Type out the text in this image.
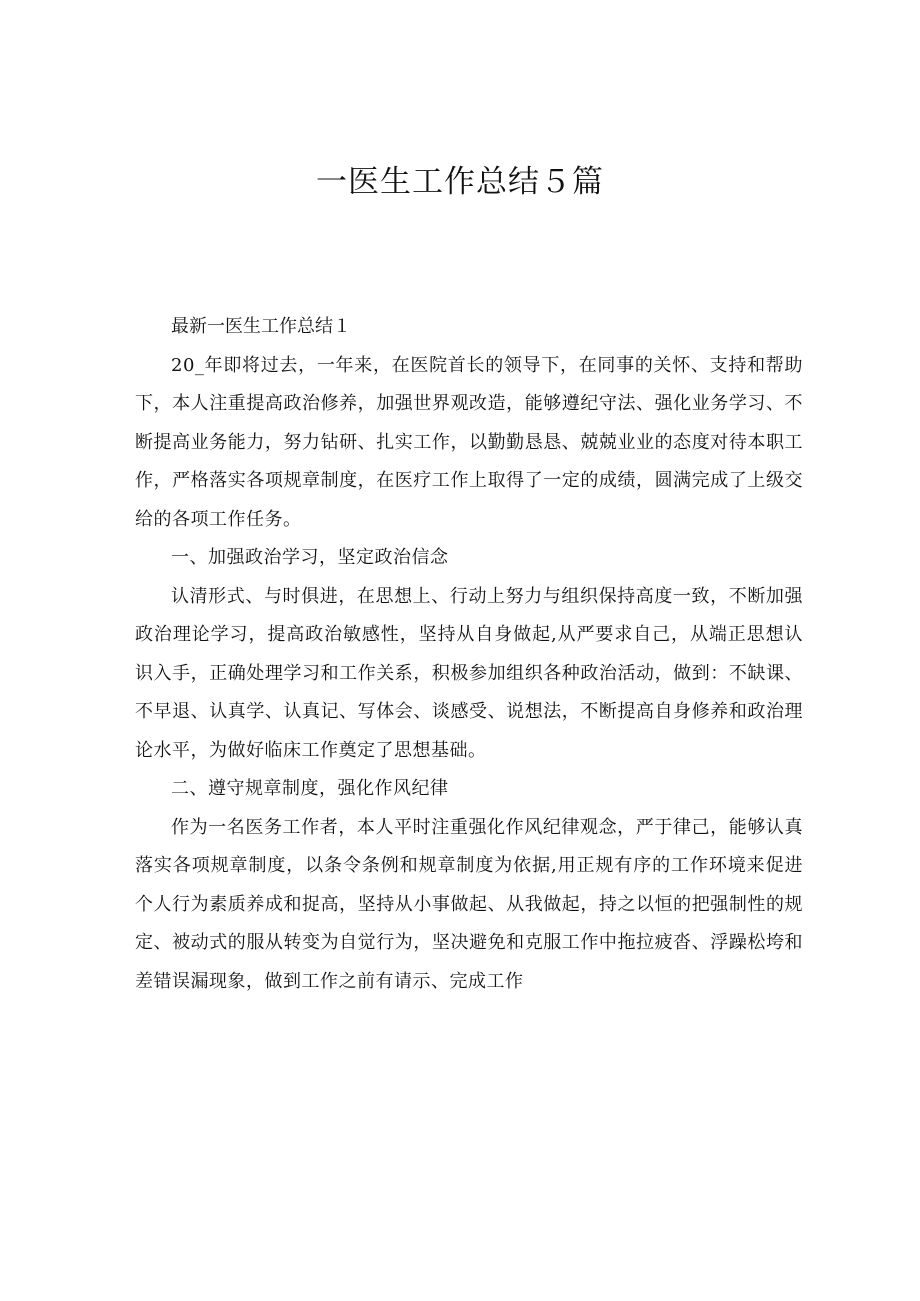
一医生工作总结５篇

最新一医生工作总结１

20_年即将过去，一年来，在医院首长的领导下，在同事的关怀、支持和帮助下，本人注重提高政治修养，加强世界观改造，能够遵纪守法、强化业务学习、不断提高业务能力，努力钻研、扎实工作，以勤勤恳恳、兢兢业业的态度对待本职工作，严格落实各项规章制度，在医疗工作上取得了一定的成绩，圆满完成了上级交给的各项工作任务。

一、加强政治学习，坚定政治信念

认清形式、与时俱进，在思想上、行动上努力与组织保持高度一致，不断加强政治理论学习，提高政治敏感性，坚持从自身做起,从严要求自己，从端正思想认识入手，正确处理学习和工作关系，积极参加组织各种政治活动，做到：不缺课、不早退、认真学、认真记、写体会、谈感受、说想法，不断提高自身修养和政治理论水平，为做好临床工作奠定了思想基础。

二、遵守规章制度，强化作风纪律

作为一名医务工作者，本人平时注重强化作风纪律观念，严于律己，能够认真落实各项规章制度，以条令条例和规章制度为依据,用正规有序的工作环境来促进个人行为素质养成和捉高，坚持从小事做起、从我做起，持之以恒的把强制性的规定、被动式的服从转变为自觉行为，坚决避免和克服工作中拖拉疲沓、浮躁松垮和差错误漏现象，做到工作之前有请示、完成工作
